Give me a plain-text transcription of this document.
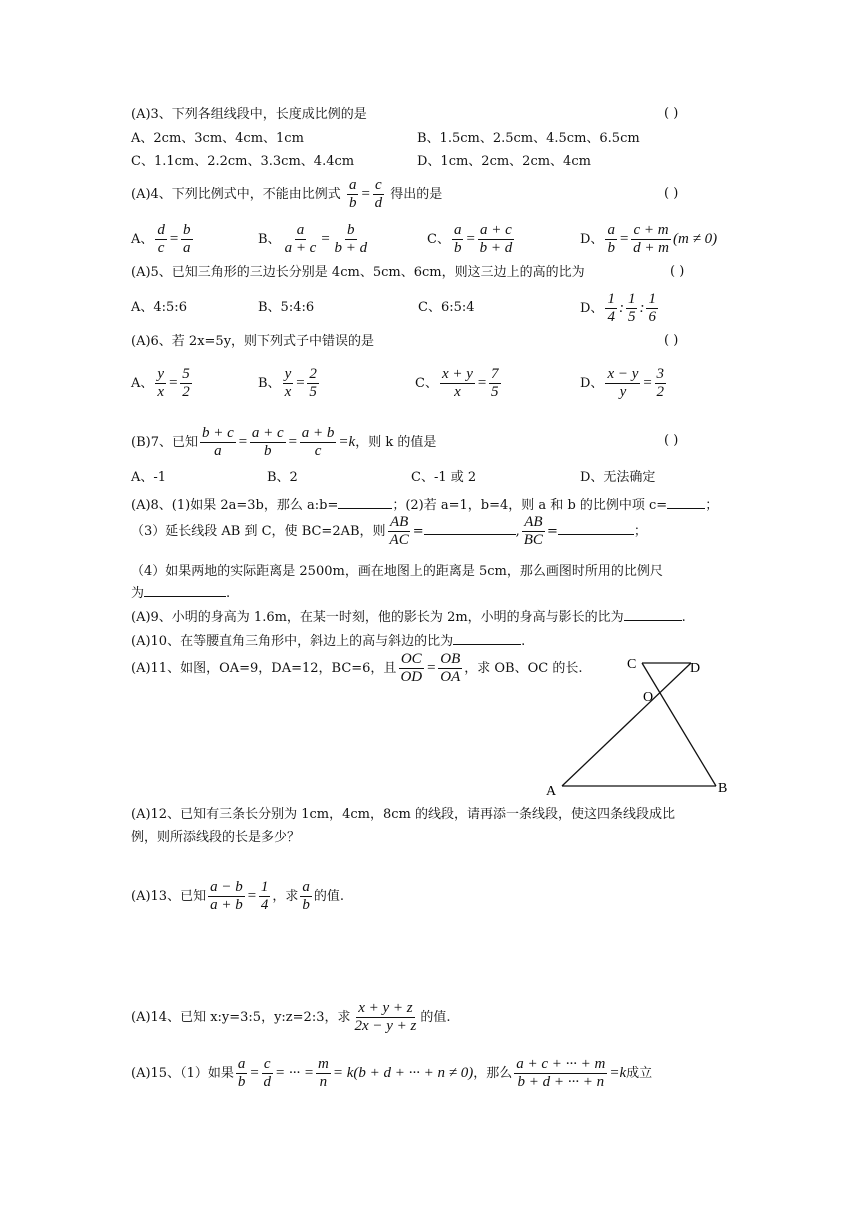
(A)3、下列各组线段中，长度成比例的是	( )
A、2cm、3cm、4cm、1cm	B、1.5cm、2.5cm、4.5cm、6.5cm
C、1.1cm、2.2cm、3.3cm、4.4cm	D、1cm、2cm、2cm、4cm
(A)4、下列比例式中，不能由比例式 $\frac{a}{b} = \frac{c}{d}$ 得出的是	( )
A、 $\frac{d}{c} = \frac{b}{a}$	B、 $\frac{a}{a + c} = \frac{b}{b + d}$	C、 $\frac{a}{b} = \frac{a + c}{b + d}$	D、 $\frac{a}{b} = \frac{c + m}{d + m} (m \ne 0)$
(A)5、已知三角形的三边长分别是 4cm、5cm、6cm，则这三边上的高的比为	( )
A、4:5:6	B、5:4:6	C、6:5:4	D、 $\frac{1}{4}$ : $\frac{1}{5}$ : $\frac{1}{6}$
(A)6、若 2x=5y，则下列式子中错误的是	( )
A、 $\frac{y}{x} = \frac{5}{2}$	B、 $\frac{y}{x} = \frac{2}{5}$	C、 $\frac{x + y}{x} = \frac{7}{5}$	D、 $\frac{x - y}{y} = \frac{3}{2}$
(B)7、已知 $\frac{b + c}{a} = \frac{a + c}{b} = \frac{a + b}{c} =k$，则 k 的值是	( )
A、-1	B、2	C、-1 或 2	D、无法确定
(A)8、(1)如果 2a=3b，那么 a:b=	；(2)若 a=1，b=4，则 a 和 b 的比例中项 c=	；
（3）延长线段 AB 到 C，使 BC=2AB，则 $\frac{AB}{AC}$ =	, $\frac{AB}{BC}$ =	；
（4）如果两地的实际距离是 2500m，画在地图上的距离是 5cm，那么画图时所用的比例尺
为	.
(A)9、小明的身高为 1.6m，在某一时刻，他的影长为 2m，小明的身高与影长的比为	.
(A)10、在等腰直角三角形中，斜边上的高与斜边的比为	.
(A)11、如图，OA=9，DA=12，BC=6，且 $\frac{OC}{OD} = \frac{OB}{OA}$ ，求 OB、OC 的长.	C	D
O
A	B
(A)12、已知有三条长分别为 1cm，4cm，8cm 的线段，请再添一条线段，使这四条线段成比
例，则所添线段的长是多少？
(A)13、已知 $\frac{a - b}{a + b} = \frac{1}{4}$ ，求 $\frac{a}{b}$ 的值.
(A)14、已知 x:y=3:5，y:z=2:3，求 $\frac{x + y + z}{2x - y + z}$ 的值.
(A)15、（1）如果 $\frac{a}{b} = \frac{c}{d}$ = ··· = $\frac{m}{n} = k(b + d$ + ··· + n ≠ 0)，那么 $\frac{a + c + \cdot\cdot\cdot + m}{b + d + \cdot\cdot\cdot + n} =k$成立
